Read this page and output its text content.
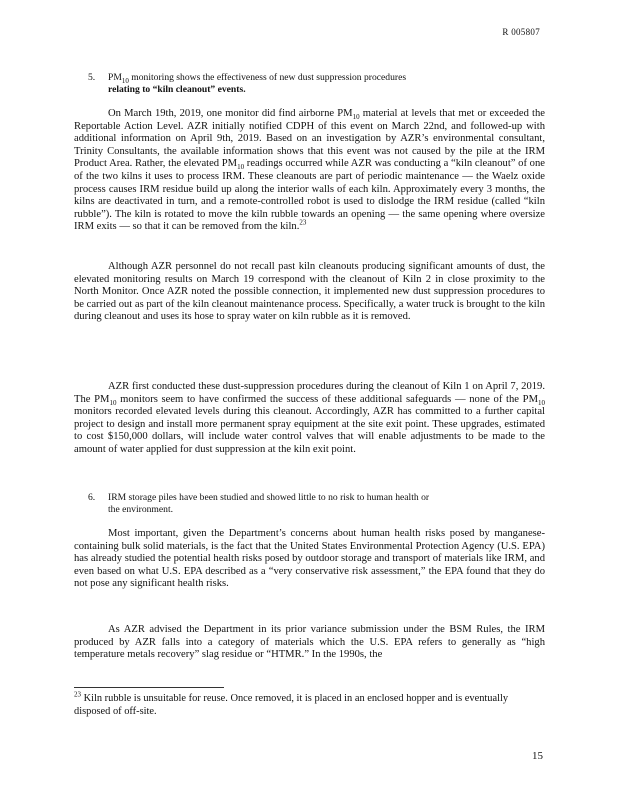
R 005807
5. $PM_{10}$ monitoring shows the effectiveness of new dust suppression procedures
relating to “kiln cleanout” events.

On March 19th, 2019, one monitor did find airborne $PM_{10}$ material at levels that met or exceeded the Reportable Action Level. AZR initially notified CDPH of this event on March 22nd, and followed-up with additional information on April 9th, 2019. Based on an investigation by AZR’s environmental consultant, Trinity Consultants, the available information shows that this event was not caused by the pile at the IRM Product Area. Rather, the elevated $PM_{10}$ readings occurred while AZR was conducting a “kiln cleanout” of one of the two kilns it uses to process IRM. These cleanouts are part of periodic maintenance — the Waelz oxide process causes IRM residue build up along the interior walls of each kiln. Approximately every 3 months, the kilns are deactivated in turn, and a remote-controlled robot is used to dislodge the IRM residue (called “kiln rubble”). The kiln is rotated to move the kiln rubble towards an opening — the same opening where oversize IRM exits — so that it can be removed from the kiln.$^{23}$

Although AZR personnel do not recall past kiln cleanouts producing significant amounts of dust, the elevated monitoring results on March 19 correspond with the cleanout of Kiln 2 in close proximity to the North Monitor. Once AZR noted the possible connection, it implemented new dust suppression procedures to be carried out as part of the kiln cleanout maintenance process. Specifically, a water truck is brought to the kiln during cleanout and uses its hose to spray water on kiln rubble as it is removed.

AZR first conducted these dust-suppression procedures during the cleanout of Kiln 1 on April 7, 2019. The $PM_{10}$ monitors seem to have confirmed the success of these additional safeguards — none of the $PM_{10}$ monitors recorded elevated levels during this cleanout. Accordingly, AZR has committed to a further capital project to design and install more permanent spray equipment at the site exit point. These upgrades, estimated to cost $150,000 dollars, will include water control valves that will enable adjustments to be made to the amount of water applied for dust suppression at the kiln exit point.

6. IRM storage piles have been studied and showed little to no risk to human health or
the environment.

Most important, given the Department’s concerns about human health risks posed by manganese-containing bulk solid materials, is the fact that the United States Environmental Protection Agency (U.S. EPA) has already studied the potential health risks posed by outdoor storage and transport of materials like IRM, and even based on what U.S. EPA described as a “very conservative risk assessment,” the EPA found that they do not pose any significant health risks.

As AZR advised the Department in its prior variance submission under the BSM Rules, the IRM produced by AZR falls into a category of materials which the U.S. EPA refers to generally as “high temperature metals recovery” slag residue or “HTMR.” In the 1990s, the

$^{23}$ Kiln rubble is unsuitable for reuse. Once removed, it is placed in an enclosed hopper and is eventually disposed of off-site.

15
